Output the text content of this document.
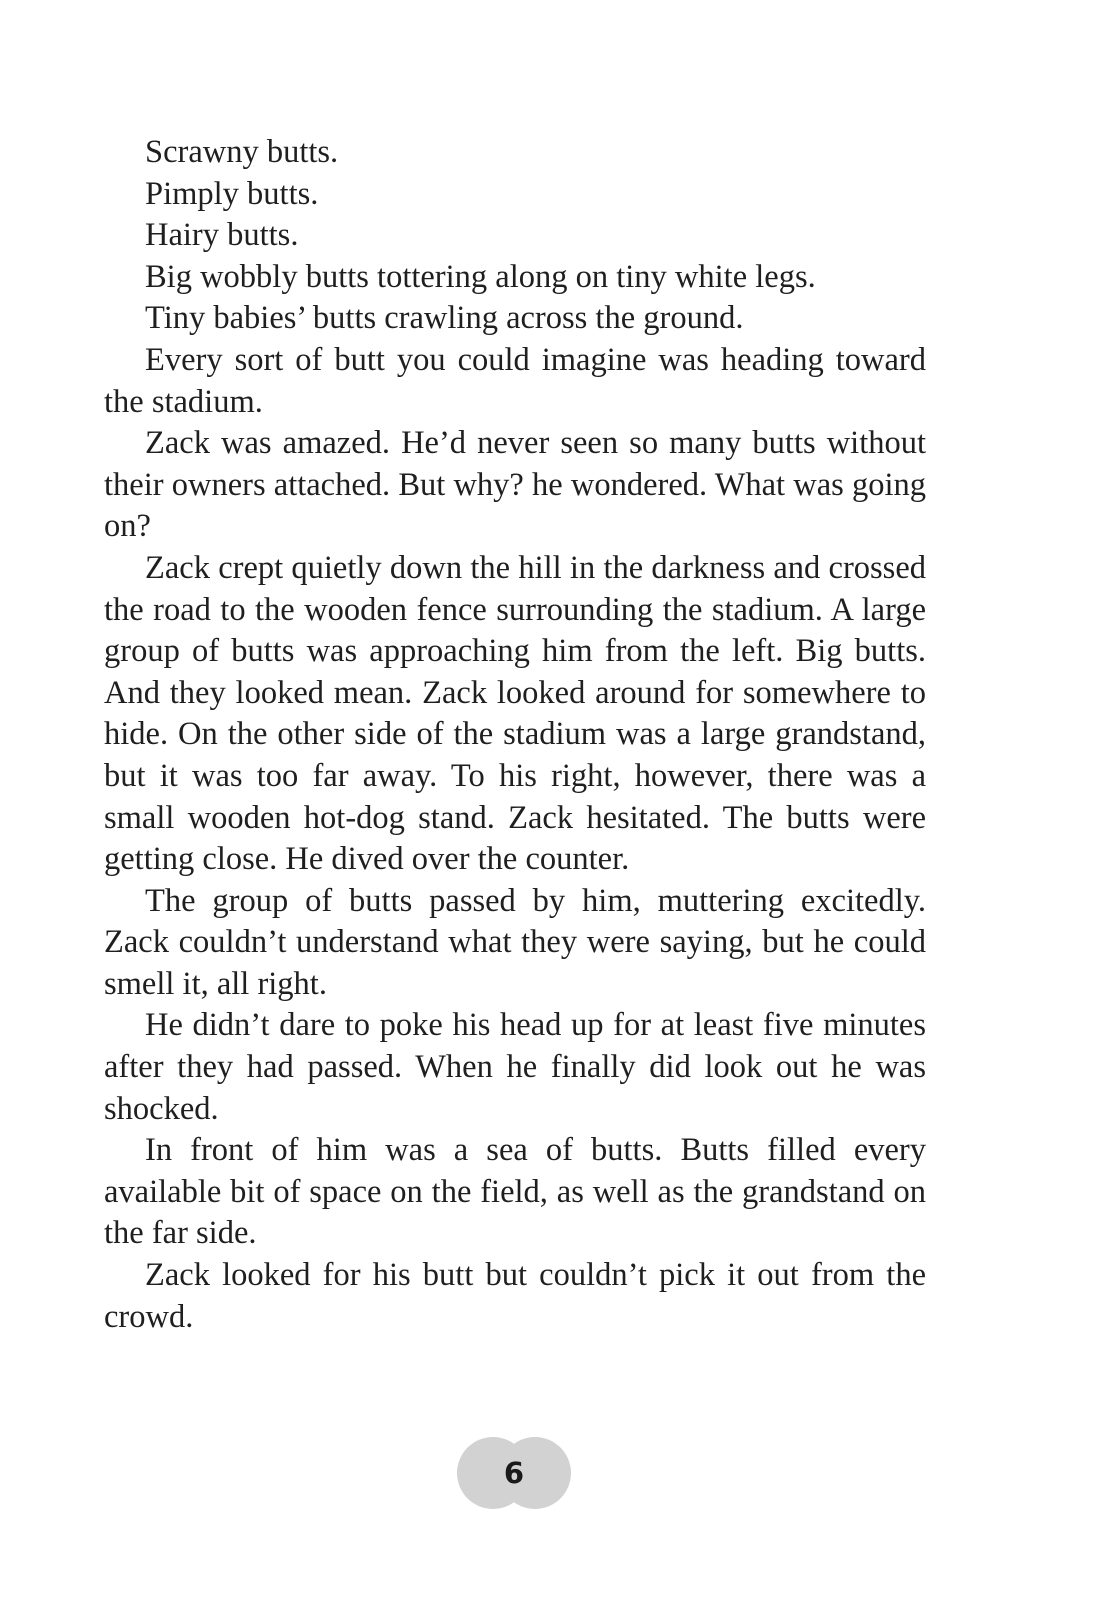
Scrawny butts.

Pimply butts.

Hairy butts.

Big wobbly butts tottering along on tiny white legs.

Tiny babies’ butts crawling across the ground.

Every sort of butt you could imagine was heading toward the stadium.

Zack was amazed. He’d never seen so many butts without their owners attached. But why? he wondered. What was going on?

Zack crept quietly down the hill in the darkness and crossed the road to the wooden fence surrounding the stadium. A large group of butts was approaching him from the left. Big butts. And they looked mean. Zack looked around for somewhere to hide. On the other side of the stadium was a large grandstand, but it was too far away. To his right, however, there was a small wooden hot-dog stand. Zack hesitated. The butts were getting close. He dived over the counter.

The group of butts passed by him, muttering excitedly. Zack couldn’t understand what they were saying, but he could smell it, all right.

He didn’t dare to poke his head up for at least five minutes after they had passed. When he finally did look out he was shocked.

In front of him was a sea of butts. Butts filled every available bit of space on the field, as well as the grandstand on the far side.

Zack looked for his butt but couldn’t pick it out from the crowd.

6
